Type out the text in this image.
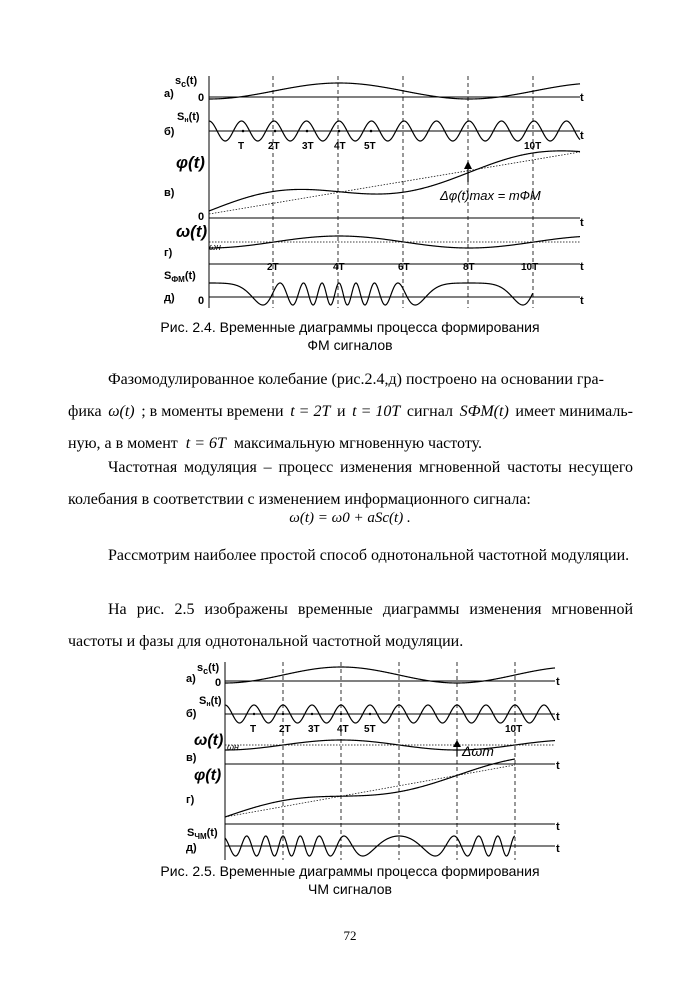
$s_c(t)$
а) 0
Sн(t)
б)
φ(t)
в)
0
ω(t)
г)	ωн
$S_{ФМ}(t)$
д) 0
t
t
t
t
t
T 2T 3T 4T 5T	10T
2T	4T	6T	8T	10T
Δφ(t)max = mФМ
Рис. 2.4. Временные диаграммы процесса формирования
ФМ сигналов
Фазомодулированное колебание (рис.2.4,д) построено на основании гра-
фика ω(t) ; в моменты времени t = 2T и t = 10T сигнал SФМ(t) имеет минималь-
ную, а в момент t = 6T максимальную мгновенную частоту.
Частотная модуляция – процесс изменения мгновенной частоты несущего колебания в соответствии с изменением информационного сигнала:
ω(t) = ω0 + aSc(t) .
Рассмотрим наиболее простой способ однотональной частотной модуляции.
На рис. 2.5 изображены временные диаграммы изменения мгновенной частоты и фазы для однотональной частотной модуляции.
$s_c(t)$
а) 0
Sн(t)
б)
ω(t)
в)
ωн
φ(t)
г)
$S_{ЧМ}(t)$
д)
t
t
t
t
t
T 2T 3T 4T 5T	10T
Δωm
Рис. 2.5. Временные диаграммы процесса формирования
ЧМ сигналов
72
